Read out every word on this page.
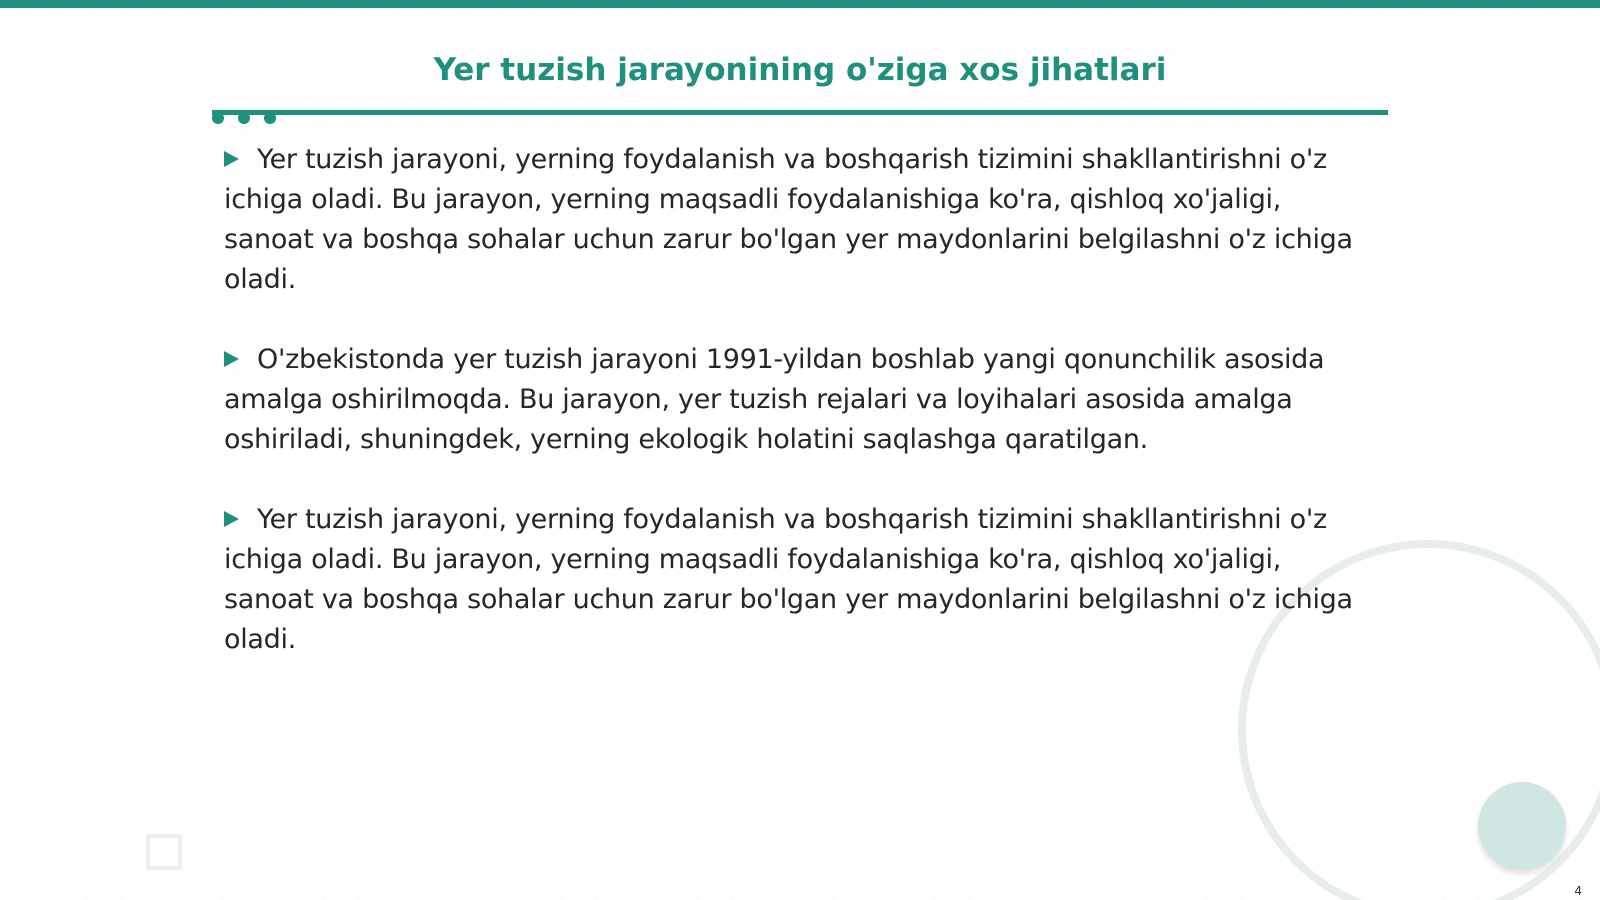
Yer tuzish jarayonining o'ziga xos jihatlari

Yer tuzish jarayoni, yerning foydalanish va boshqarish tizimini shakllantirishni o'z ichiga oladi. Bu jarayon, yerning maqsadli foydalanishiga ko'ra, qishloq xo'jaligi, sanoat va boshqa sohalar uchun zarur bo'lgan yer maydonlarini belgilashni o'z ichiga oladi.

O'zbekistonda yer tuzish jarayoni 1991-yildan boshlab yangi qonunchilik asosida amalga oshirilmoqda. Bu jarayon, yer tuzish rejalari va loyihalari asosida amalga oshiriladi, shuningdek, yerning ekologik holatini saqlashga qaratilgan.

Yer tuzish jarayoni, yerning foydalanish va boshqarish tizimini shakllantirishni o'z ichiga oladi. Bu jarayon, yerning maqsadli foydalanishiga ko'ra, qishloq xo'jaligi, sanoat va boshqa sohalar uchun zarur bo'lgan yer maydonlarini belgilashni o'z ichiga oladi.

4
